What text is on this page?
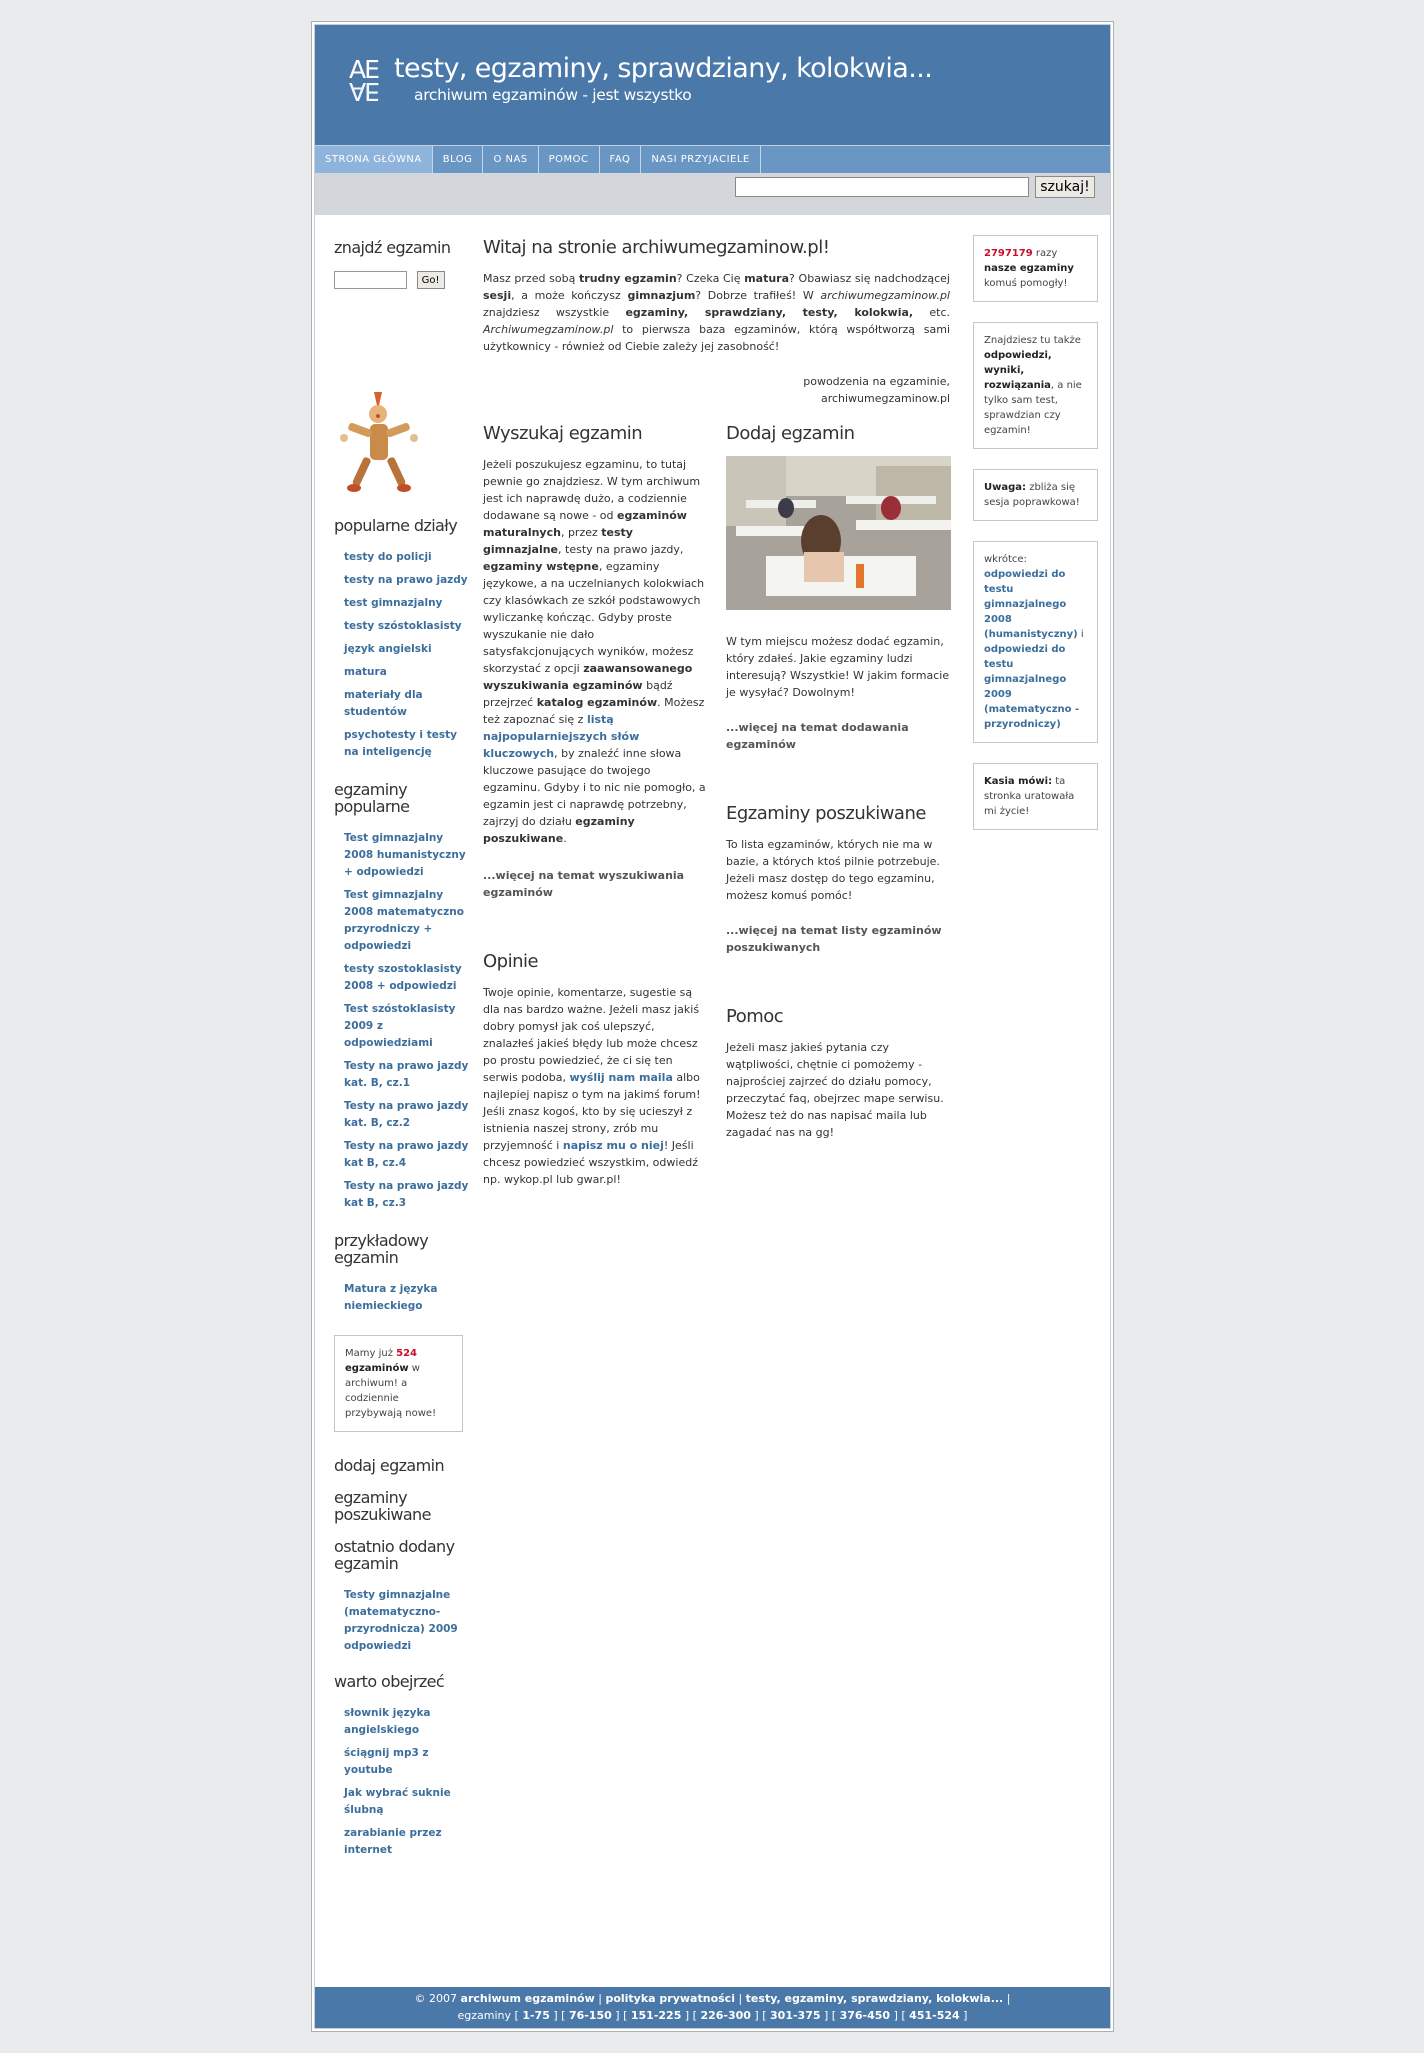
AE
AE
testy, egzaminy, sprawdziany, kolokwia...
archiwum egzaminów - jest wszystko
STRONA GŁÓWNA	BLOG	O NAS	POMOC	FAQ	NASI PRZYJACIELE
szukaj!
znajdź egzamin
Go!
popularne działy
testy do policji
testy na prawo jazdy
test gimnazjalny
testy szóstoklasisty
język angielski
matura
materiały dla studentów
psychotesty i testy na inteligencję
egzaminy popularne
Test gimnazjalny 2008 humanistyczny + odpowiedzi
Test gimnazjalny 2008 matematyczno przyrodniczy + odpowiedzi
testy szostoklasisty 2008 + odpowiedzi
Test szóstoklasisty 2009 z odpowiedziami
Testy na prawo jazdy kat. B, cz.1
Testy na prawo jazdy kat. B, cz.2
Testy na prawo jazdy kat B, cz.4
Testy na prawo jazdy kat B, cz.3
przykładowy egzamin
Matura z języka niemieckiego
Mamy już 524 egzaminów w archiwum! a codziennie przybywają nowe!
dodaj egzamin
egzaminy poszukiwane
ostatnio dodany egzamin
Testy gimnazjalne (matematyczno-przyrodnicza) 2009 odpowiedzi
warto obejrzeć
słownik języka angielskiego
ściągnij mp3 z youtube
Jak wybrać suknie ślubną
zarabianie przez internet
Witaj na stronie archiwumegzaminow.pl!

Masz przed sobą trudny egzamin? Czeka Cię matura? Obawiasz się nadchodzącej sesji, a może kończysz gimnazjum? Dobrze trafiłeś! W archiwumegzaminow.pl znajdziesz wszystkie egzaminy, sprawdziany, testy, kolokwia, etc. Archiwumegzaminow.pl to pierwsza baza egzaminów, którą współtworzą sami użytkownicy - również od Ciebie zależy jej zasobność!

powodzenia na egzaminie,
archiwumegzaminow.pl

Wyszukaj egzamin

Jeżeli poszukujesz egzaminu, to tutaj pewnie go znajdziesz. W tym archiwum jest ich naprawdę dużo, a codziennie dodawane są nowe - od egzaminów maturalnych, przez testy gimnazjalne, testy na prawo jazdy, egzaminy wstępne, egzaminy językowe, a na uczelnianych kolokwiach czy klasówkach ze szkół podstawowych wyliczankę kończąc. Gdyby proste wyszukanie nie dało satysfakcjonujących wyników, możesz skorzystać z opcji zaawansowanego wyszukiwania egzaminów bądź przejrzeć katalog egzaminów. Możesz też zapoznać się z listą najpopularniejszych słów kluczowych, by znaleźć inne słowa kluczowe pasujące do twojego egzaminu. Gdyby i to nic nie pomogło, a egzamin jest ci naprawdę potrzebny, zajrzyj do działu egzaminy poszukiwane.

...więcej na temat wyszukiwania egzaminów

Opinie

Twoje opinie, komentarze, sugestie są dla nas bardzo ważne. Jeżeli masz jakiś dobry pomysł jak coś ulepszyć, znalazłeś jakieś błędy lub może chcesz po prostu powiedzieć, że ci się ten serwis podoba, wyślij nam maila albo najlepiej napisz o tym na jakimś forum! Jeśli znasz kogoś, kto by się ucieszył z istnienia naszej strony, zrób mu przyjemność i napisz mu o niej! Jeśli chcesz powiedzieć wszystkim, odwiedź np. wykop.pl lub gwar.pl!

Dodaj egzamin

W tym miejscu możesz dodać egzamin, który zdałeś. Jakie egzaminy ludzi interesują? Wszystkie! W jakim formacie je wysyłać? Dowolnym!

...więcej na temat dodawania egzaminów

Egzaminy poszukiwane

To lista egzaminów, których nie ma w bazie, a których ktoś pilnie potrzebuje. Jeżeli masz dostęp do tego egzaminu, możesz komuś pomóc!

...więcej na temat listy egzaminów poszukiwanych

Pomoc

Jeżeli masz jakieś pytania czy wątpliwości, chętnie ci pomożemy - najprościej zajrzeć do działu pomocy, przeczytać faq, obejrzec mape serwisu. Możesz też do nas napisać maila lub zagadać nas na gg!

2797179 razy nasze egzaminy komuś pomogły!
Znajdziesz tu także odpowiedzi, wyniki, rozwiązania, a nie tylko sam test, sprawdzian czy egzamin!
Uwaga: zbliża się sesja poprawkowa!
wkrótce: odpowiedzi do testu gimnazjalnego 2008 (humanistyczny) i odpowiedzi do testu gimnazjalnego 2009 (matematyczno - przyrodniczy)
Kasia mówi: ta stronka uratowała mi życie!
© 2007 archiwum egzaminów | polityka prywatności | testy, egzaminy, sprawdziany, kolokwia... |
egzaminy [ 1-75 ] [ 76-150 ] [ 151-225 ] [ 226-300 ] [ 301-375 ] [ 376-450 ] [ 451-524 ]
